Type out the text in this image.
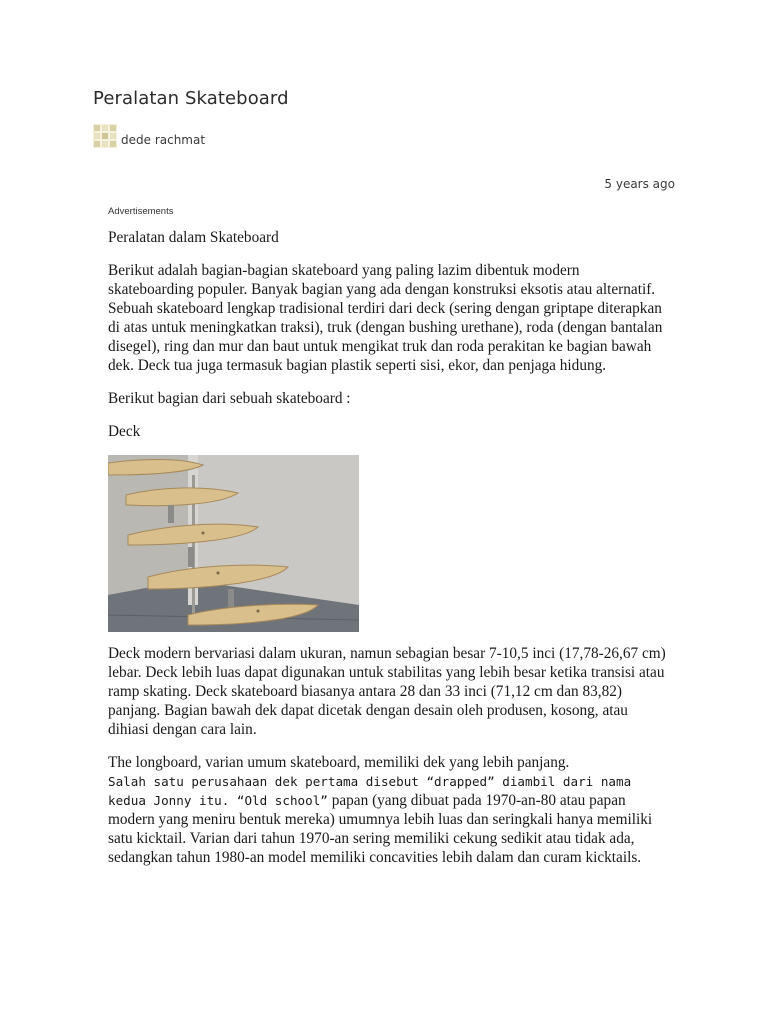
Peralatan Skateboard
dede rachmat
5 years ago
Advertisements

Peralatan dalam Skateboard

Berikut adalah bagian-bagian skateboard yang paling lazim dibentuk modern skateboarding populer. Banyak bagian yang ada dengan konstruksi eksotis atau alternatif. Sebuah skateboard lengkap tradisional terdiri dari deck (sering dengan griptape diterapkan di atas untuk meningkatkan traksi), truk (dengan bushing urethane), roda (dengan bantalan disegel), ring dan mur dan baut untuk mengikat truk dan roda perakitan ke bagian bawah dek. Deck tua juga termasuk bagian plastik seperti sisi, ekor, dan penjaga hidung.

Berikut bagian dari sebuah skateboard :

Deck

Deck modern bervariasi dalam ukuran, namun sebagian besar 7-10,5 inci (17,78-26,67 cm) lebar. Deck lebih luas dapat digunakan untuk stabilitas yang lebih besar ketika transisi atau ramp skating. Deck skateboard biasanya antara 28 dan 33 inci (71,12 cm dan 83,82) panjang. Bagian bawah dek dapat dicetak dengan desain oleh produsen, kosong, atau dihiasi dengan cara lain.

The longboard, varian umum skateboard, memiliki dek yang lebih panjang.
Salah satu perusahaan dek pertama disebut “drapped” diambil dari nama kedua Jonny itu. “Old school” papan (yang dibuat pada 1970-an-80 atau papan modern yang meniru bentuk mereka) umumnya lebih luas dan seringkali hanya memiliki satu kicktail. Varian dari tahun 1970-an sering memiliki cekung sedikit atau tidak ada, sedangkan tahun 1980-an model memiliki concavities lebih dalam dan curam kicktails.
